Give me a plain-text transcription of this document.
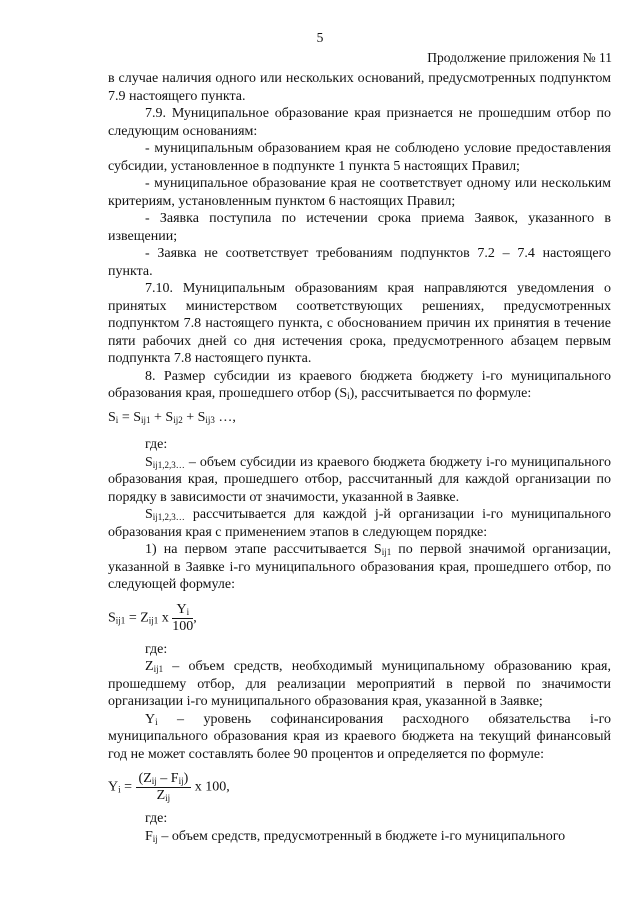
5
Продолжение приложения № 11

в случае наличия одного или нескольких оснований, предусмотренных подпунктом 7.9 настоящего пункта.

7.9. Муниципальное образование края признается не прошедшим отбор по следующим основаниям:

- муниципальным образованием края не соблюдено условие предоставления субсидии, установленное в подпункте 1 пункта 5 настоящих Правил;

- муниципальное образование края не соответствует одному или нескольким критериям, установленным пунктом 6 настоящих Правил;

- Заявка поступила по истечении срока приема Заявок, указанного в извещении;

- Заявка не соответствует требованиям подпунктов 7.2 – 7.4 настоящего пункта.

7.10. Муниципальным образованиям края направляются уведомления о принятых министерством соответствующих решениях, предусмотренных подпунктом 7.8 настоящего пункта, с обоснованием причин их принятия в течение пяти рабочих дней со дня истечения срока, предусмотренного абзацем первым подпункта 7.8 настоящего пункта.

8. Размер субсидии из краевого бюджета бюджету i-го муниципального образования края, прошедшего отбор $(S_i)$, рассчитывается по формуле:

$S_i = S_{ij1} + S_{ij2} + S_{ij3}$ …,

где:

$S_{ij1,2,3\dots}$ – объем субсидии из краевого бюджета бюджету i-го муниципального образования края, прошедшего отбор, рассчитанный для каждой организации по порядку в зависимости от значимости, указанной в Заявке.

$S_{ij1,2,3\dots}$ рассчитывается для каждой j-й организации i-го муниципального образования края с применением этапов в следующем порядке:

1) на первом этапе рассчитывается $S_{ij1}$ по первой значимой организации, указанной в Заявке i-го муниципального образования края, прошедшего отбор, по следующей формуле:

$S_{ij1} = Z_{ij1}$ x $\frac{Y_i}{100}$ ,

где:

$Z_{ij1}$ – объем средств, необходимый муниципальному образованию края, прошедшему отбор, для реализации мероприятий в первой по значимости организации i-го муниципального образования края, указанной в Заявке;

$Y_i$ – уровень софинансирования расходного обязательства i-го муниципального образования края из краевого бюджета на текущий финансовый год не может составлять более 90 процентов и определяется по формуле:

$Y_i = \frac{(Z_{ij} - F_{ij})}{Z_{ij}}$ x 100,

где:

$F_{ij}$ – объем средств, предусмотренный в бюджете i-го муниципального
